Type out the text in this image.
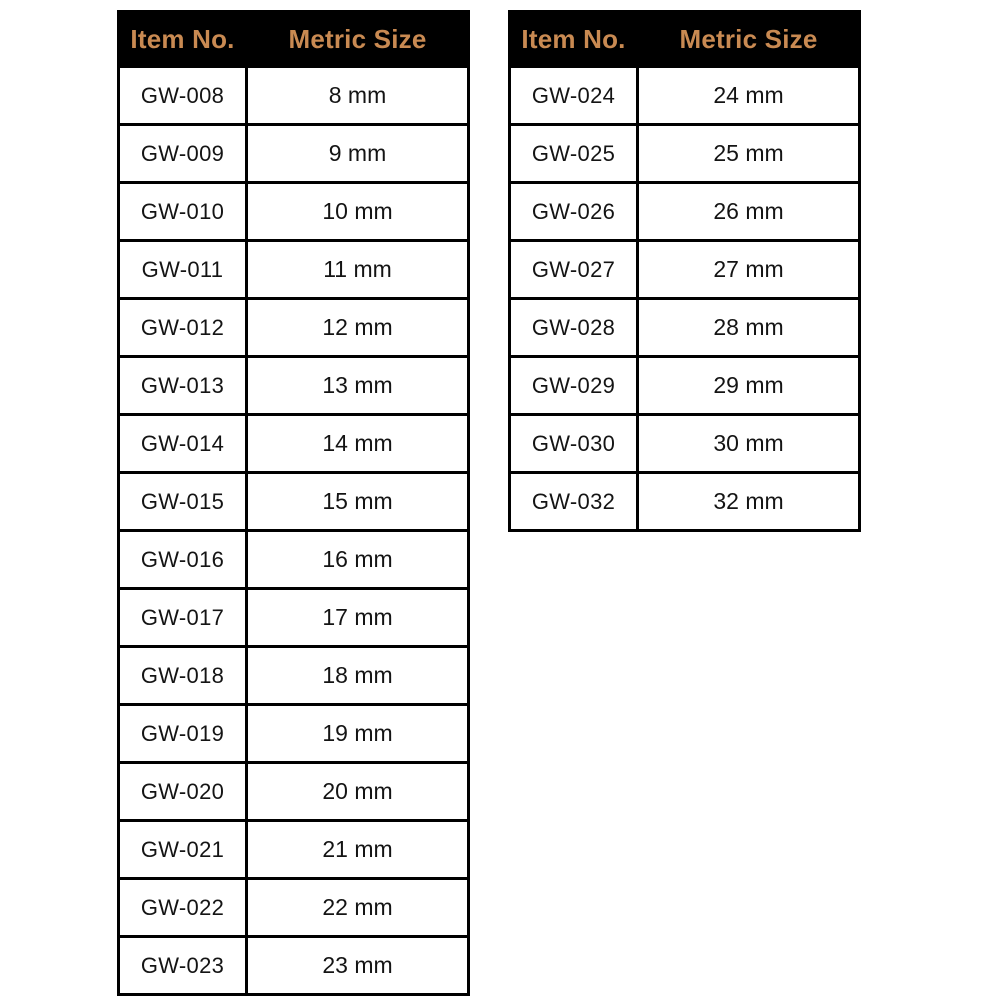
Item No.	Metric Size
GW-008	8 mm
GW-009	9 mm
GW-010	10 mm
GW-011	11 mm
GW-012	12 mm
GW-013	13 mm
GW-014	14 mm
GW-015	15 mm
GW-016	16 mm
GW-017	17 mm
GW-018	18 mm
GW-019	19 mm
GW-020	20 mm
GW-021	21 mm
GW-022	22 mm
GW-023	23 mm
Item No.	Metric Size
GW-024	24 mm
GW-025	25 mm
GW-026	26 mm
GW-027	27 mm
GW-028	28 mm
GW-029	29 mm
GW-030	30 mm
GW-032	32 mm
